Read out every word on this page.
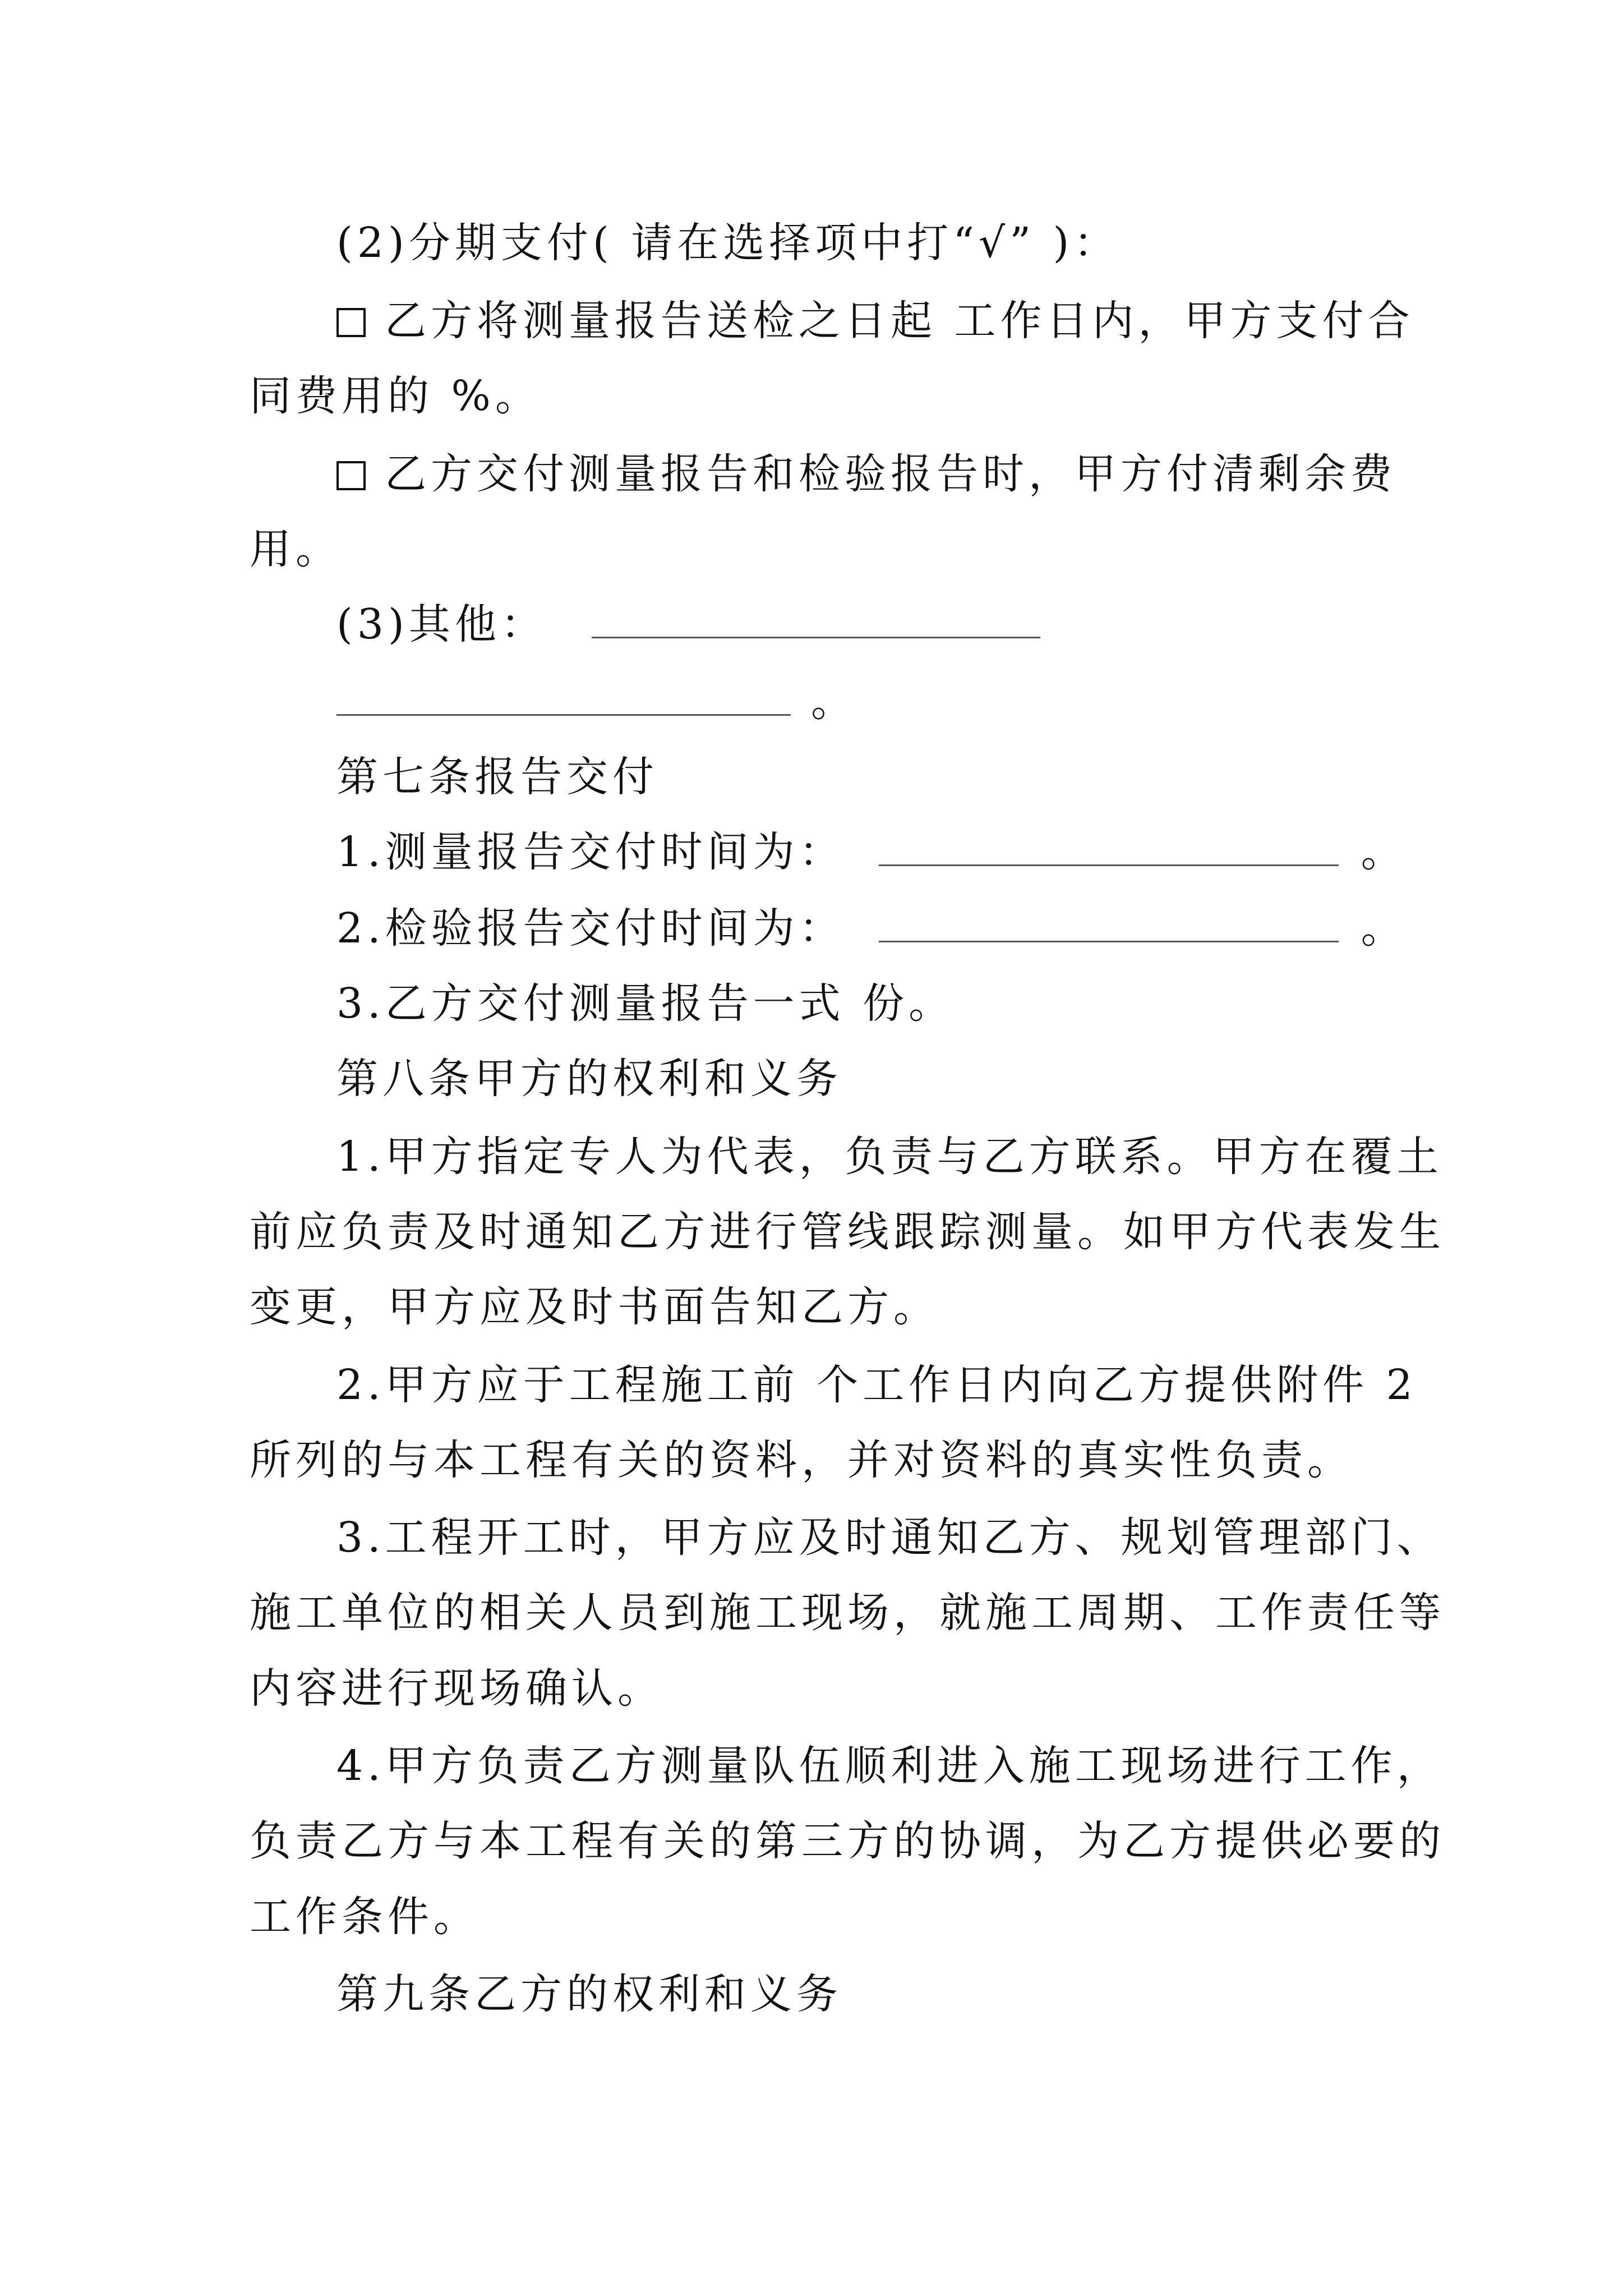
(2)分期支付( 请在选择项中打“√” )：
乙方将测量报告送检之日起 工作日内，甲方支付合
同费用的 %。
乙方交付测量报告和检验报告时，甲方付清剩余费
用。
(3)其他：
。
第七条报告交付
1.测量报告交付时间为：	。
2.检验报告交付时间为：	。
3.乙方交付测量报告一式 份。
第八条甲方的权利和义务
1.甲方指定专人为代表，负责与乙方联系。甲方在覆土
前应负责及时通知乙方进行管线跟踪测量。如甲方代表发生
变更，甲方应及时书面告知乙方。
2.甲方应于工程施工前 个工作日内向乙方提供附件 2
所列的与本工程有关的资料，并对资料的真实性负责。
3.工程开工时，甲方应及时通知乙方、规划管理部门、
施工单位的相关人员到施工现场，就施工周期、工作责任等
内容进行现场确认。
4.甲方负责乙方测量队伍顺利进入施工现场进行工作，
负责乙方与本工程有关的第三方的协调，为乙方提供必要的
工作条件。
第九条乙方的权利和义务
